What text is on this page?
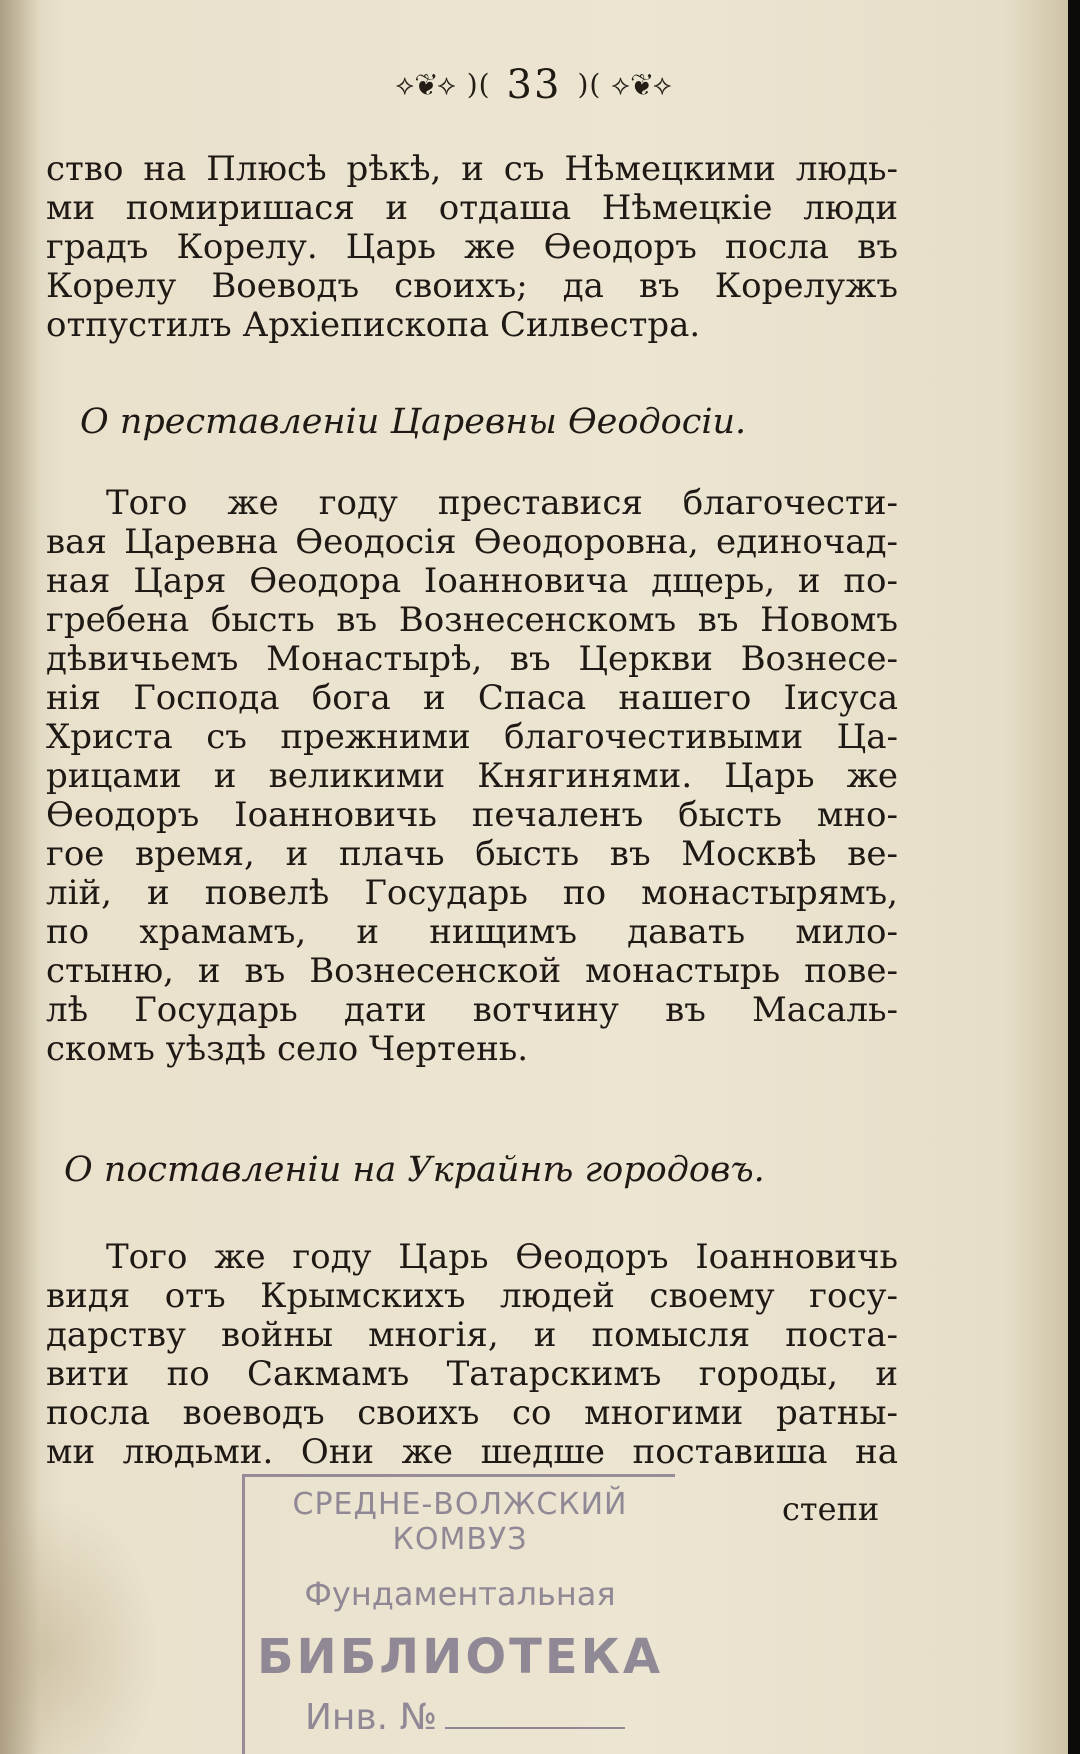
⟡❦⟡ )( 33 )( ⟡❦⟡
ство на Плюсѣ рѣкѣ, и съ Нѣмецкими людь-
ми помиришася и отдаша Нѣмецкіе люди
градъ Корелу. Царь же Ѳеодоръ посла въ
Корелу Воеводъ своихъ; да въ Корелужъ
отпустилъ Архіепископа Силвестра.
О преставленіи Царевны Ѳеодосіи.
Того же году преставися благочести-
вая Царевна Ѳеодосія Ѳеодоровна, единочад-
ная Царя Ѳеодора Іоанновича дщерь, и по-
гребена бысть въ Вознесенскомъ въ Новомъ
дѣвичьемъ Монастырѣ, въ Церкви Вознесе-
нія Господа бога и Спаса нашего Іисуса
Христа съ прежними благочестивыми Ца-
рицами и великими Княгинями. Царь же
Ѳеодоръ Іоанновичь печаленъ бысть мно-
гое время, и плачь бысть въ Москвѣ ве-
лій, и повелѣ Государь по монастырямъ,
по храмамъ, и нищимъ давать мило-
стыню, и въ Вознесенской монастырь пове-
лѣ Государь дати вотчину въ Масаль-
скомъ уѣздѣ село Чертень.
О поставленіи на Украйнѣ городовъ.
Того же году Царь Ѳеодоръ Іоанновичь
видя отъ Крымскихъ людей своему госу-
дарству войны многія, и помысля поста-
вити по Сакмамъ Татарскимъ городы, и
посла воеводъ своихъ со многими ратны-
ми людьми. Они же шедше поставиша на
степи
СРЕДНЕ-ВОЛЖСКИЙ КОМВУЗ
Фундаментальная
БИБЛИОТЕКА
Инв. №
